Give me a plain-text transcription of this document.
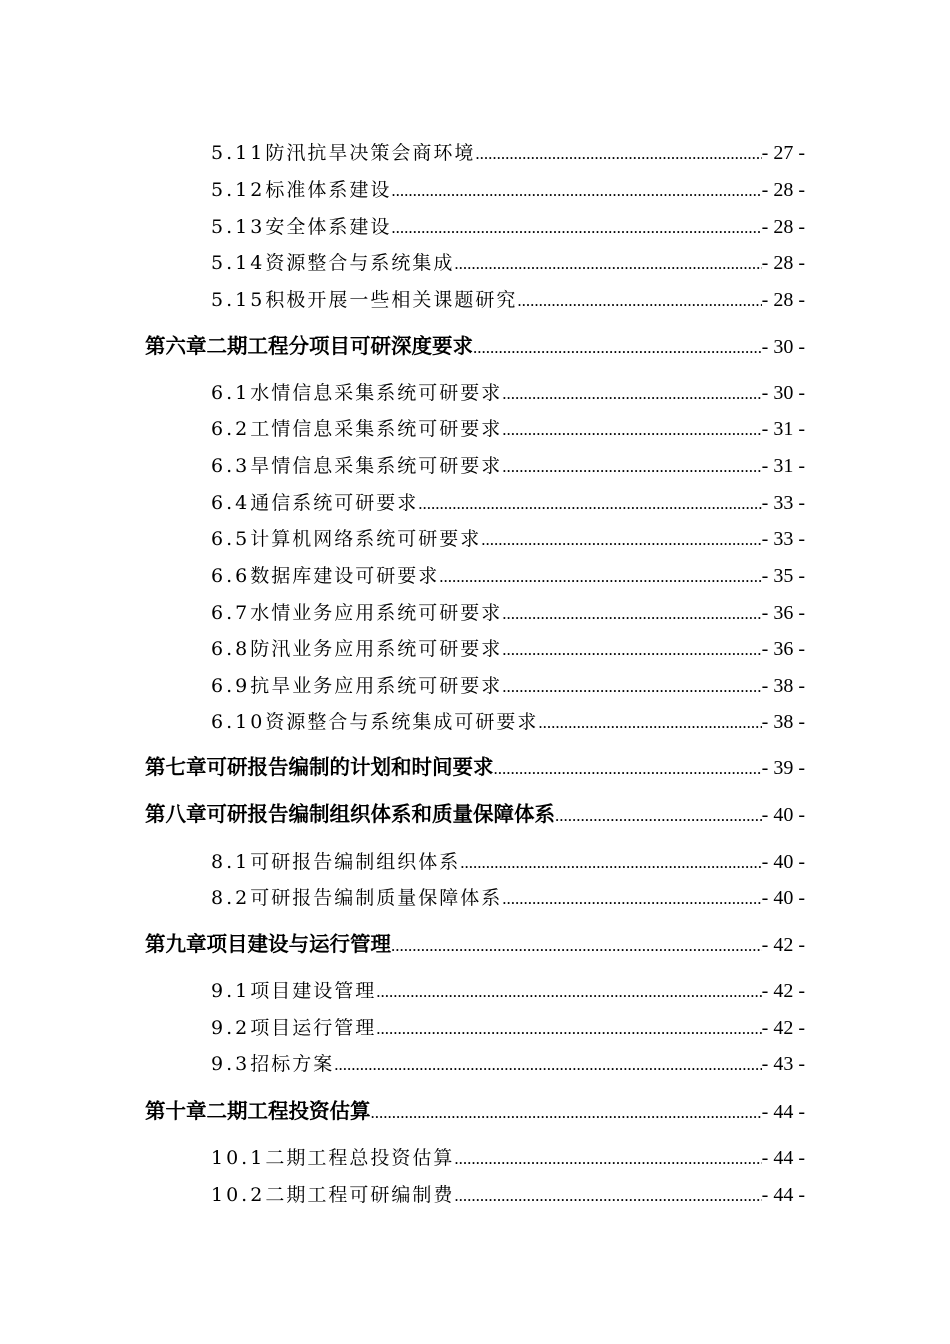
5.11 防汛抗旱决策会商环境 .....	- 27 -
5.12 标准体系建设 .....	- 28 -
5.13 安全体系建设 .....	- 28 -
5.14 资源整合与系统集成 .....	- 28 -
5.15 积极开展一些相关课题研究 .....	- 28 -
第六章 二期工程分项目可研深度要求 .....	- 30 -
6.1 水情信息采集系统可研要求 .....	- 30 -
6.2 工情信息采集系统可研要求 .....	- 31 -
6.3 旱情信息采集系统可研要求 .....	- 31 -
6.4 通信系统可研要求 .....	- 33 -
6.5 计算机网络系统可研要求 .....	- 33 -
6.6 数据库建设可研要求 .....	- 35 -
6.7 水情业务应用系统可研要求 .....	- 36 -
6.8 防汛业务应用系统可研要求 .....	- 36 -
6.9 抗旱业务应用系统可研要求 .....	- 38 -
6.10 资源整合与系统集成可研要求 .....	- 38 -
第七章 可研报告编制的计划和时间要求 .....	- 39 -
第八章 可研报告编制组织体系和质量保障体系 .....	- 40 -
8.1 可研报告编制组织体系 .....	- 40 -
8.2 可研报告编制质量保障体系 .....	- 40 -
第九章 项目建设与运行管理 .....	- 42 -
9.1 项目建设管理 .....	- 42 -
9.2 项目运行管理 .....	- 42 -
9.3 招标方案 .....	- 43 -
第十章 二期工程投资估算 .....	- 44 -
10.1 二期工程总投资估算 .....	- 44 -
10.2 二期工程可研编制费 .....	- 44 -
